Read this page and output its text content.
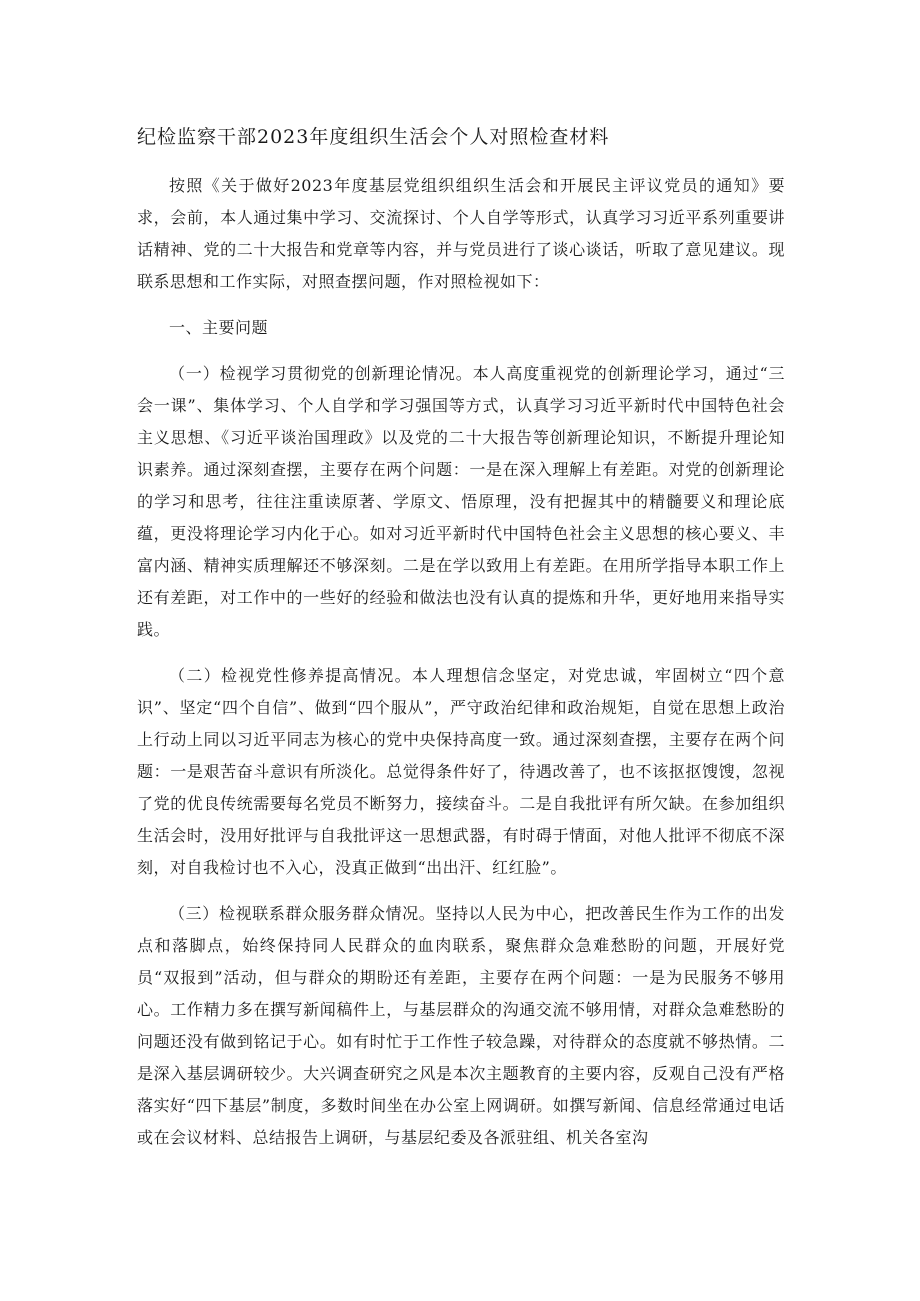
纪检监察干部2023年度组织生活会个人对照检查材料

按照《关于做好2023年度基层党组织组织生活会和开展民主评议党员的通知》要求，会前，本人通过集中学习、交流探讨、个人自学等形式，认真学习习近平系列重要讲话精神、党的二十大报告和党章等内容，并与党员进行了谈心谈话，听取了意见建议。现联系思想和工作实际，对照查摆问题，作对照检视如下：

一、主要问题

（一）检视学习贯彻党的创新理论情况。本人高度重视党的创新理论学习，通过“三会一课”、集体学习、个人自学和学习强国等方式，认真学习习近平新时代中国特色社会主义思想、《习近平谈治国理政》以及党的二十大报告等创新理论知识，不断提升理论知识素养。通过深刻查摆，主要存在两个问题：一是在深入理解上有差距。对党的创新理论的学习和思考，往往注重读原著、学原文、悟原理，没有把握其中的精髓要义和理论底蕴，更没将理论学习内化于心。如对习近平新时代中国特色社会主义思想的核心要义、丰富内涵、精神实质理解还不够深刻。二是在学以致用上有差距。在用所学指导本职工作上还有差距，对工作中的一些好的经验和做法也没有认真的提炼和升华，更好地用来指导实践。

（二）检视党性修养提高情况。本人理想信念坚定，对党忠诚，牢固树立“四个意识”、坚定“四个自信”、做到“四个服从”，严守政治纪律和政治规矩，自觉在思想上政治上行动上同以习近平同志为核心的党中央保持高度一致。通过深刻查摆，主要存在两个问题：一是艰苦奋斗意识有所淡化。总觉得条件好了，待遇改善了，也不该抠抠馊馊，忽视了党的优良传统需要每名党员不断努力，接续奋斗。二是自我批评有所欠缺。在参加组织生活会时，没用好批评与自我批评这一思想武器，有时碍于情面，对他人批评不彻底不深刻，对自我检讨也不入心，没真正做到“出出汗、红红脸”。

（三）检视联系群众服务群众情况。坚持以人民为中心，把改善民生作为工作的出发点和落脚点，始终保持同人民群众的血肉联系，聚焦群众急难愁盼的问题，开展好党员“双报到”活动，但与群众的期盼还有差距，主要存在两个问题：一是为民服务不够用心。工作精力多在撰写新闻稿件上，与基层群众的沟通交流不够用情，对群众急难愁盼的问题还没有做到铭记于心。如有时忙于工作性子较急躁，对待群众的态度就不够热情。二是深入基层调研较少。大兴调查研究之风是本次主题教育的主要内容，反观自己没有严格落实好“四下基层”制度，多数时间坐在办公室上网调研。如撰写新闻、信息经常通过电话或在会议材料、总结报告上调研，与基层纪委及各派驻组、机关各室沟
